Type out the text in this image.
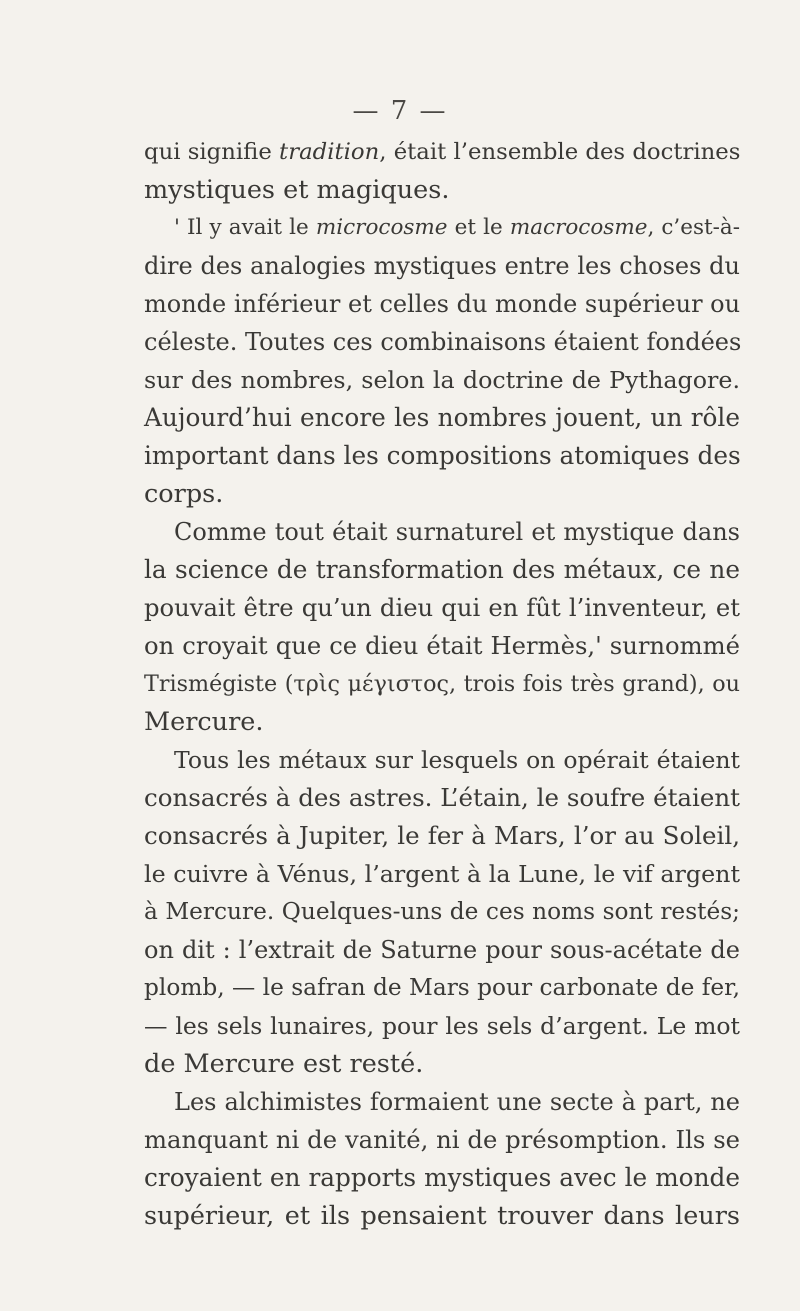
— 7 —
qui signifie tradition, était l’ensemble des doctrines
mystiques et magiques.
' Il y avait le microcosme et le macrocosme, c’est-à-
dire des analogies mystiques entre les choses du
monde inférieur et celles du monde supérieur ou
céleste. Toutes ces combinaisons étaient fondées
sur des nombres, selon la doctrine de Pythagore.
Aujourd’hui encore les nombres jouent, un rôle
important dans les compositions atomiques des
corps.
Comme tout était surnaturel et mystique dans
la science de transformation des métaux, ce ne
pouvait être qu’un dieu qui en fût l’inventeur, et
on croyait que ce dieu était Hermès,' surnommé
Trismégiste (τρὶς μέγιστος, trois fois très grand), ou
Mercure.
Tous les métaux sur lesquels on opérait étaient
consacrés à des astres. L’étain, le soufre étaient
consacrés à Jupiter, le fer à Mars, l’or au Soleil,
le cuivre à Vénus, l’argent à la Lune, le vif argent
à Mercure. Quelques-uns de ces noms sont restés;
on dit : l’extrait de Saturne pour sous-acétate de
plomb, — le safran de Mars pour carbonate de fer,
— les sels lunaires, pour les sels d’argent. Le mot
de Mercure est resté.
Les alchimistes formaient une secte à part, ne
manquant ni de vanité, ni de présomption. Ils se
croyaient en rapports mystiques avec le monde
supérieur, et ils pensaient trouver dans leurs
